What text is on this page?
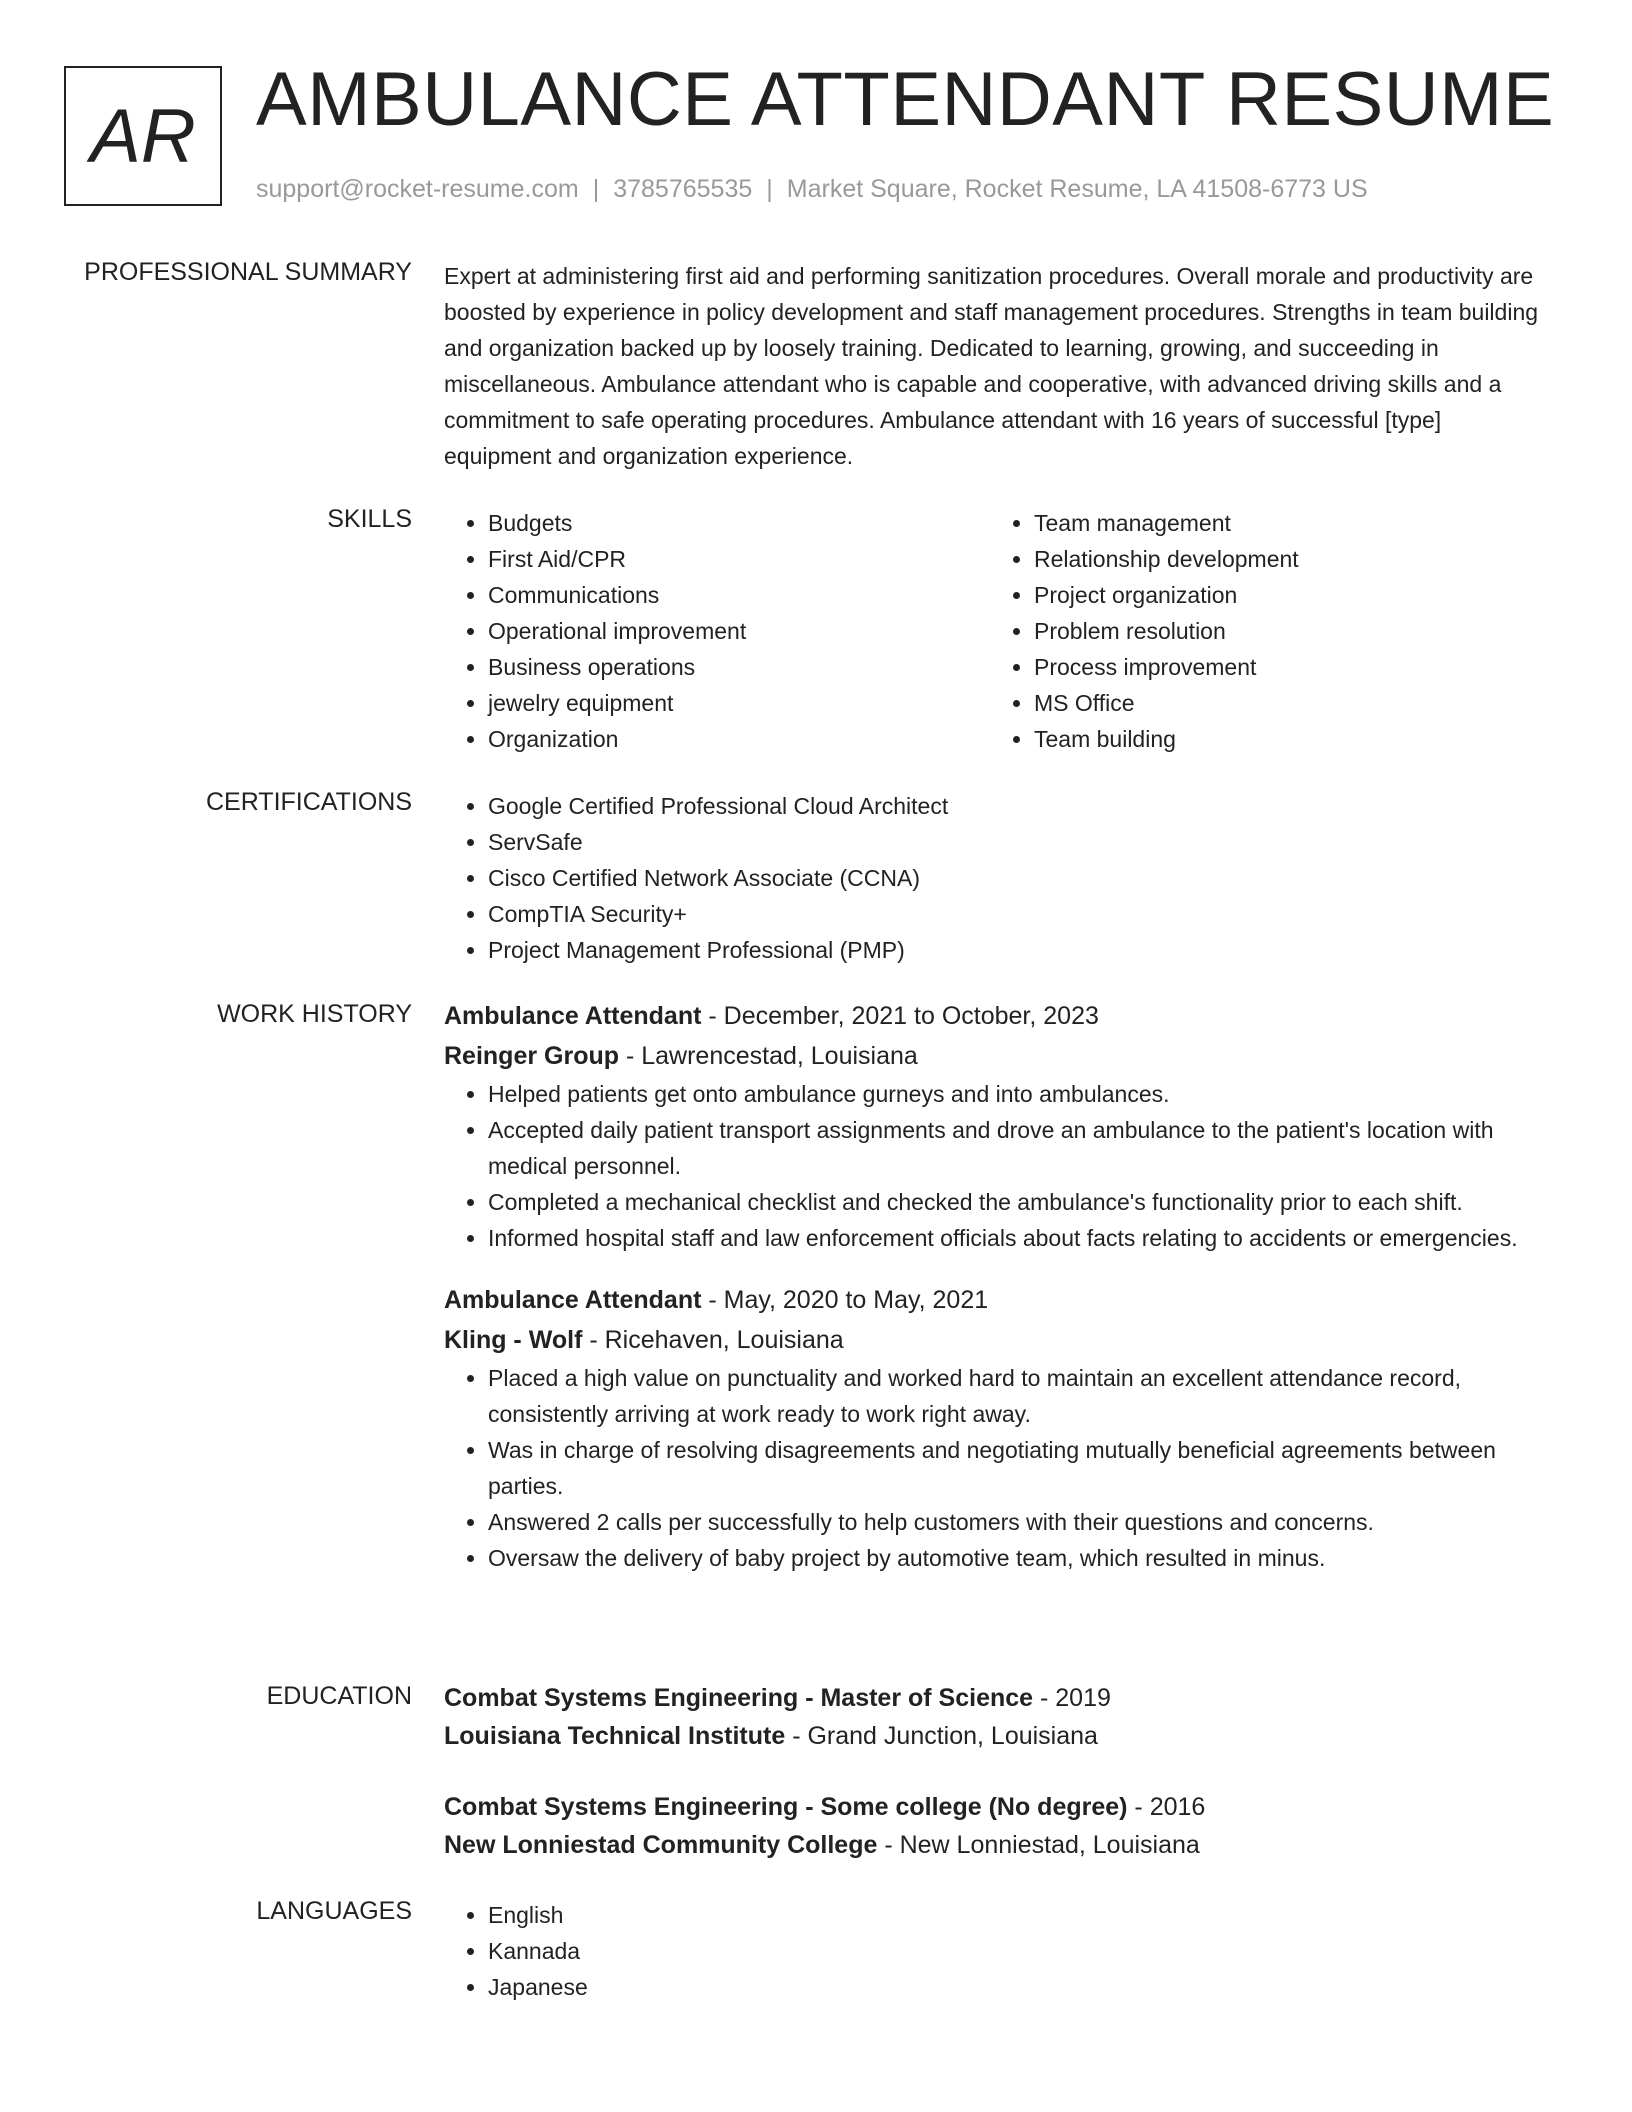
AR AMBULANCE ATTENDANT RESUME
support@rocket-resume.com | 3785765535 | Market Square, Rocket Resume, LA 41508-6773 US
PROFESSIONAL SUMMARY Expert at administering first aid and performing sanitization procedures. Overall morale and productivity are boosted by experience in policy development and staff management procedures. Strengths in team building and organization backed up by loosely training. Dedicated to learning, growing, and succeeding in miscellaneous. Ambulance attendant who is capable and cooperative, with advanced driving skills and a commitment to safe operating procedures. Ambulance attendant with 16 years of successful [type] equipment and organization experience.

SKILLS	• Budgets
• First Aid/CPR
• Communications
• Operational improvement
• Business operations
• jewelry equipment
• Organization
• Team management
• Relationship development
• Project organization
• Problem resolution
• Process improvement
• MS Office
• Team building
CERTIFICATIONS	• Google Certified Professional Cloud Architect
• ServSafe
• Cisco Certified Network Associate (CCNA)
• CompTIA Security+
• Project Management Professional (PMP)
WORK HISTORY Ambulance Attendant - December, 2021 to October, 2023
Reinger Group - Lawrencestad, Louisiana
• Helped patients get onto ambulance gurneys and into ambulances.
• Accepted daily patient transport assignments and drove an ambulance to the patient's location with medical personnel.
• Completed a mechanical checklist and checked the ambulance's functionality prior to each shift.
• Informed hospital staff and law enforcement officials about facts relating to accidents or emergencies.
Ambulance Attendant - May, 2020 to May, 2021
Kling - Wolf - Ricehaven, Louisiana
• Placed a high value on punctuality and worked hard to maintain an excellent attendance record, consistently arriving at work ready to work right away.
• Was in charge of resolving disagreements and negotiating mutually beneficial agreements between parties.
• Answered 2 calls per successfully to help customers with their questions and concerns.
• Oversaw the delivery of baby project by automotive team, which resulted in minus.
EDUCATION Combat Systems Engineering - Master of Science - 2019
Louisiana Technical Institute - Grand Junction, Louisiana
Combat Systems Engineering - Some college (No degree) - 2016
New Lonniestad Community College - New Lonniestad, Louisiana
LANGUAGES	• English
• Kannada
• Japanese
